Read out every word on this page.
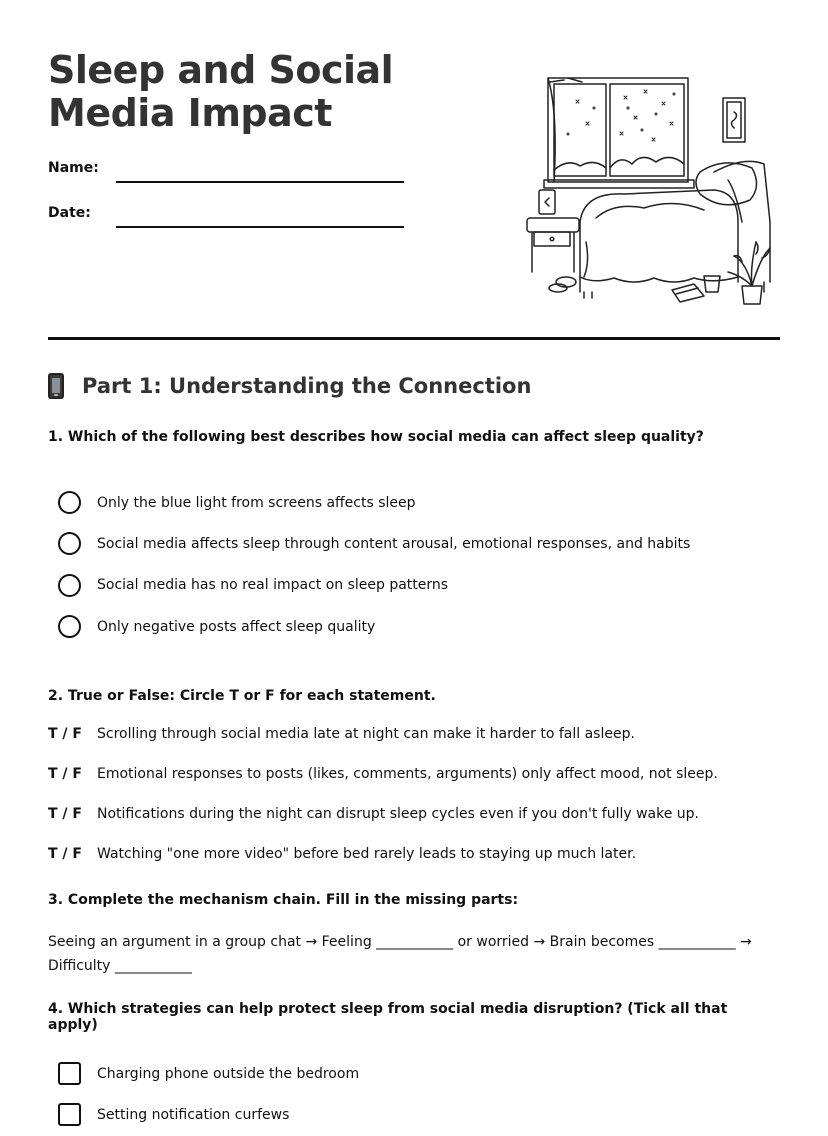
Sleep and Social Media Impact
Name:
Date:
Part 1: Understanding the Connection

1. Which of the following best describes how social media can affect sleep quality?

Only the blue light from screens affects sleep
Social media affects sleep through content arousal, emotional responses, and habits
Social media has no real impact on sleep patterns
Only negative posts affect sleep quality

2. True or False: Circle T or F for each statement.

T / F	Scrolling through social media late at night can make it harder to fall asleep.
T / F	Emotional responses to posts (likes, comments, arguments) only affect mood, not sleep.
T / F	Notifications during the night can disrupt sleep cycles even if you don't fully wake up.
T / F	Watching "one more video" before bed rarely leads to staying up much later.

3. Complete the mechanism chain. Fill in the missing parts:

Seeing an argument in a group chat → Feeling ___________ or worried → Brain becomes ___________ → Difficulty ___________

4. Which strategies can help protect sleep from social media disruption? (Tick all that apply)

Charging phone outside the bedroom
Setting notification curfews
